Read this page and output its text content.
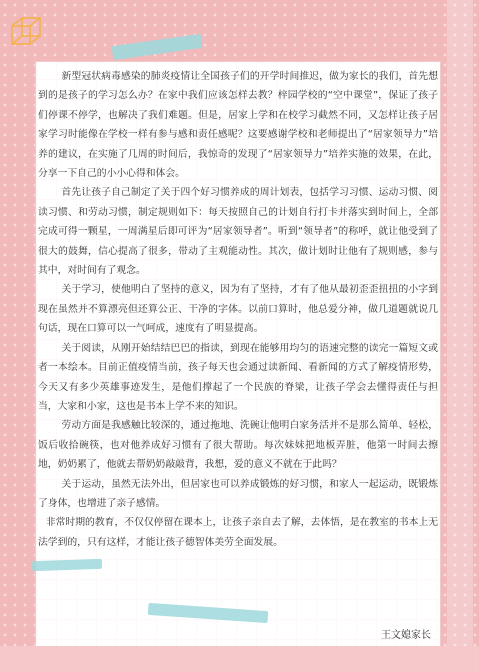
新型冠状病毒感染的肺炎疫情让全国孩子们的开学时间推迟，做为家长的我们，首先想到的是孩子的学习怎么办？在家中我们应该怎样去教？梓园学校的“空中课堂”，保证了孩子们停课不停学，也解决了我们难题。但是，居家上学和在校学习截然不同，又怎样让孩子居家学习时能像在学校一样有参与感和责任感呢？这要感谢学校和老师提出了“居家领导力”培养的建议，在实施了几周的时间后，我惊奇的发现了“居家领导力”培养实施的效果，在此，分享一下自己的小小心得和体会。

首先让孩子自己制定了关于四个好习惯养成的周计划表，包括学习习惯、运动习惯、阅读习惯、和劳动习惯，制定规则如下：每天按照自己的计划自行打卡并落实到时间上，全部完成可得一颗星，一周满星后即可评为“居家领导者”。听到“领导者”的称呼，就让他受到了很大的鼓舞，信心提高了很多，带动了主观能动性。其次，做计划时让他有了规则感，参与其中，对时间有了观念。

关于学习，使他明白了坚持的意义，因为有了坚持，才有了他从最初歪歪扭扭的小字到现在虽然并不算漂亮但还算公正、干净的字体。以前口算时，他总爱分神，做几道题就说几句话，现在口算可以一气呵成，速度有了明显提高。

关于阅读，从刚开始结结巴巴的指读，到现在能够用均匀的语速完整的读完一篇短文或者一本绘本。目前正值疫情当前，孩子每天也会通过读新闻、看新闻的方式了解疫情形势，今天又有多少英雄事迹发生，是他们撑起了一个民族的脊梁，让孩子学会去懂得责任与担当，大家和小家，这也是书本上学不来的知识。

劳动方面是我感触比较深的，通过拖地、洗碗让他明白家务活并不是那么简单、轻松，饭后收拾碗筷，也对他养成好习惯有了很大帮助。每次妹妹把地板弄脏，他第一时间去擦地，奶奶累了，他就去帮奶奶敲敲背，我想，爱的意义不就在于此吗？

关于运动，虽然无法外出，但居家也可以养成锻炼的好习惯，和家人一起运动，既锻炼了身体，也增进了亲子感情。

非常时期的教育，不仅仅停留在课本上，让孩子亲自去了解，去体悟，是在教室的书本上无法学到的，只有这样，才能让孩子德智体美劳全面发展。

王文媳家长
